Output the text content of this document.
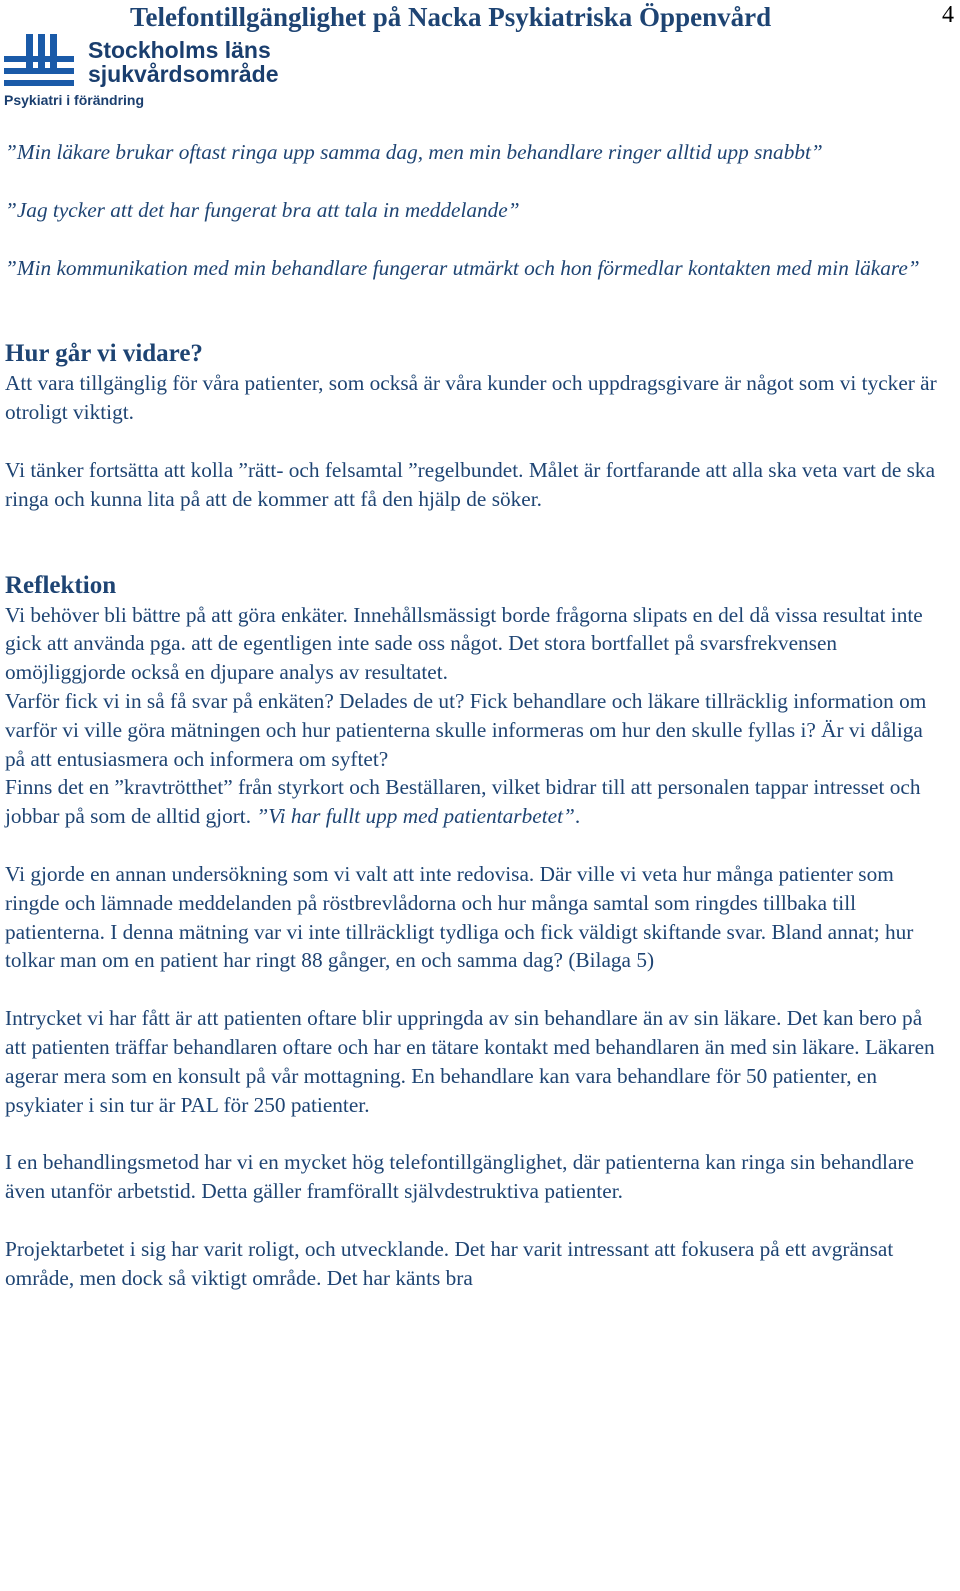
Telefontillgänglighet på Nacka Psykiatriska Öppenvård	4
Stockholms läns
sjukvårdsområde
Psykiatri i förändring

”Min läkare brukar oftast ringa upp samma dag, men min behandlare ringer alltid upp snabbt”

”Jag tycker att det har fungerat bra att tala in meddelande”

”Min kommunikation med min behandlare fungerar utmärkt och hon förmedlar kontakten med min läkare”

Hur går vi vidare?

Att vara tillgänglig för våra patienter, som också är våra kunder och uppdragsgivare är något som vi tycker är otroligt viktigt.

Vi tänker fortsätta att kolla ”rätt- och felsamtal ”regelbundet. Målet är fortfarande att alla ska veta vart de ska ringa och kunna lita på att de kommer att få den hjälp de söker.

Reflektion

Vi behöver bli bättre på att göra enkäter. Innehållsmässigt borde frågorna slipats en del då vissa resultat inte gick att använda pga. att de egentligen inte sade oss något. Det stora bortfallet på svarsfrekvensen omöjliggjorde också en djupare analys av resultatet.

Varför fick vi in så få svar på enkäten? Delades de ut? Fick behandlare och läkare tillräcklig information om varför vi ville göra mätningen och hur patienterna skulle informeras om hur den skulle fyllas i? Är vi dåliga på att entusiasmera och informera om syftet?

Finns det en ”kravtrötthet” från styrkort och Beställaren, vilket bidrar till att personalen tappar intresset och jobbar på som de alltid gjort. ”Vi har fullt upp med patientarbetet”.

Vi gjorde en annan undersökning som vi valt att inte redovisa. Där ville vi veta hur många patienter som ringde och lämnade meddelanden på röstbrevlådorna och hur många samtal som ringdes tillbaka till patienterna. I denna mätning var vi inte tillräckligt tydliga och fick väldigt skiftande svar. Bland annat; hur tolkar man om en patient har ringt 88 gånger, en och samma dag? (Bilaga 5)

Intrycket vi har fått är att patienten oftare blir uppringda av sin behandlare än av sin läkare. Det kan bero på att patienten träffar behandlaren oftare och har en tätare kontakt med behandlaren än med sin läkare. Läkaren agerar mera som en konsult på vår mottagning. En behandlare kan vara behandlare för 50 patienter, en psykiater i sin tur är PAL för 250 patienter.

I en behandlingsmetod har vi en mycket hög telefontillgänglighet, där patienterna kan ringa sin behandlare även utanför arbetstid. Detta gäller framförallt självdestruktiva patienter.

Projektarbetet i sig har varit roligt, och utvecklande. Det har varit intressant att fokusera på ett avgränsat område, men dock så viktigt område. Det har känts bra
